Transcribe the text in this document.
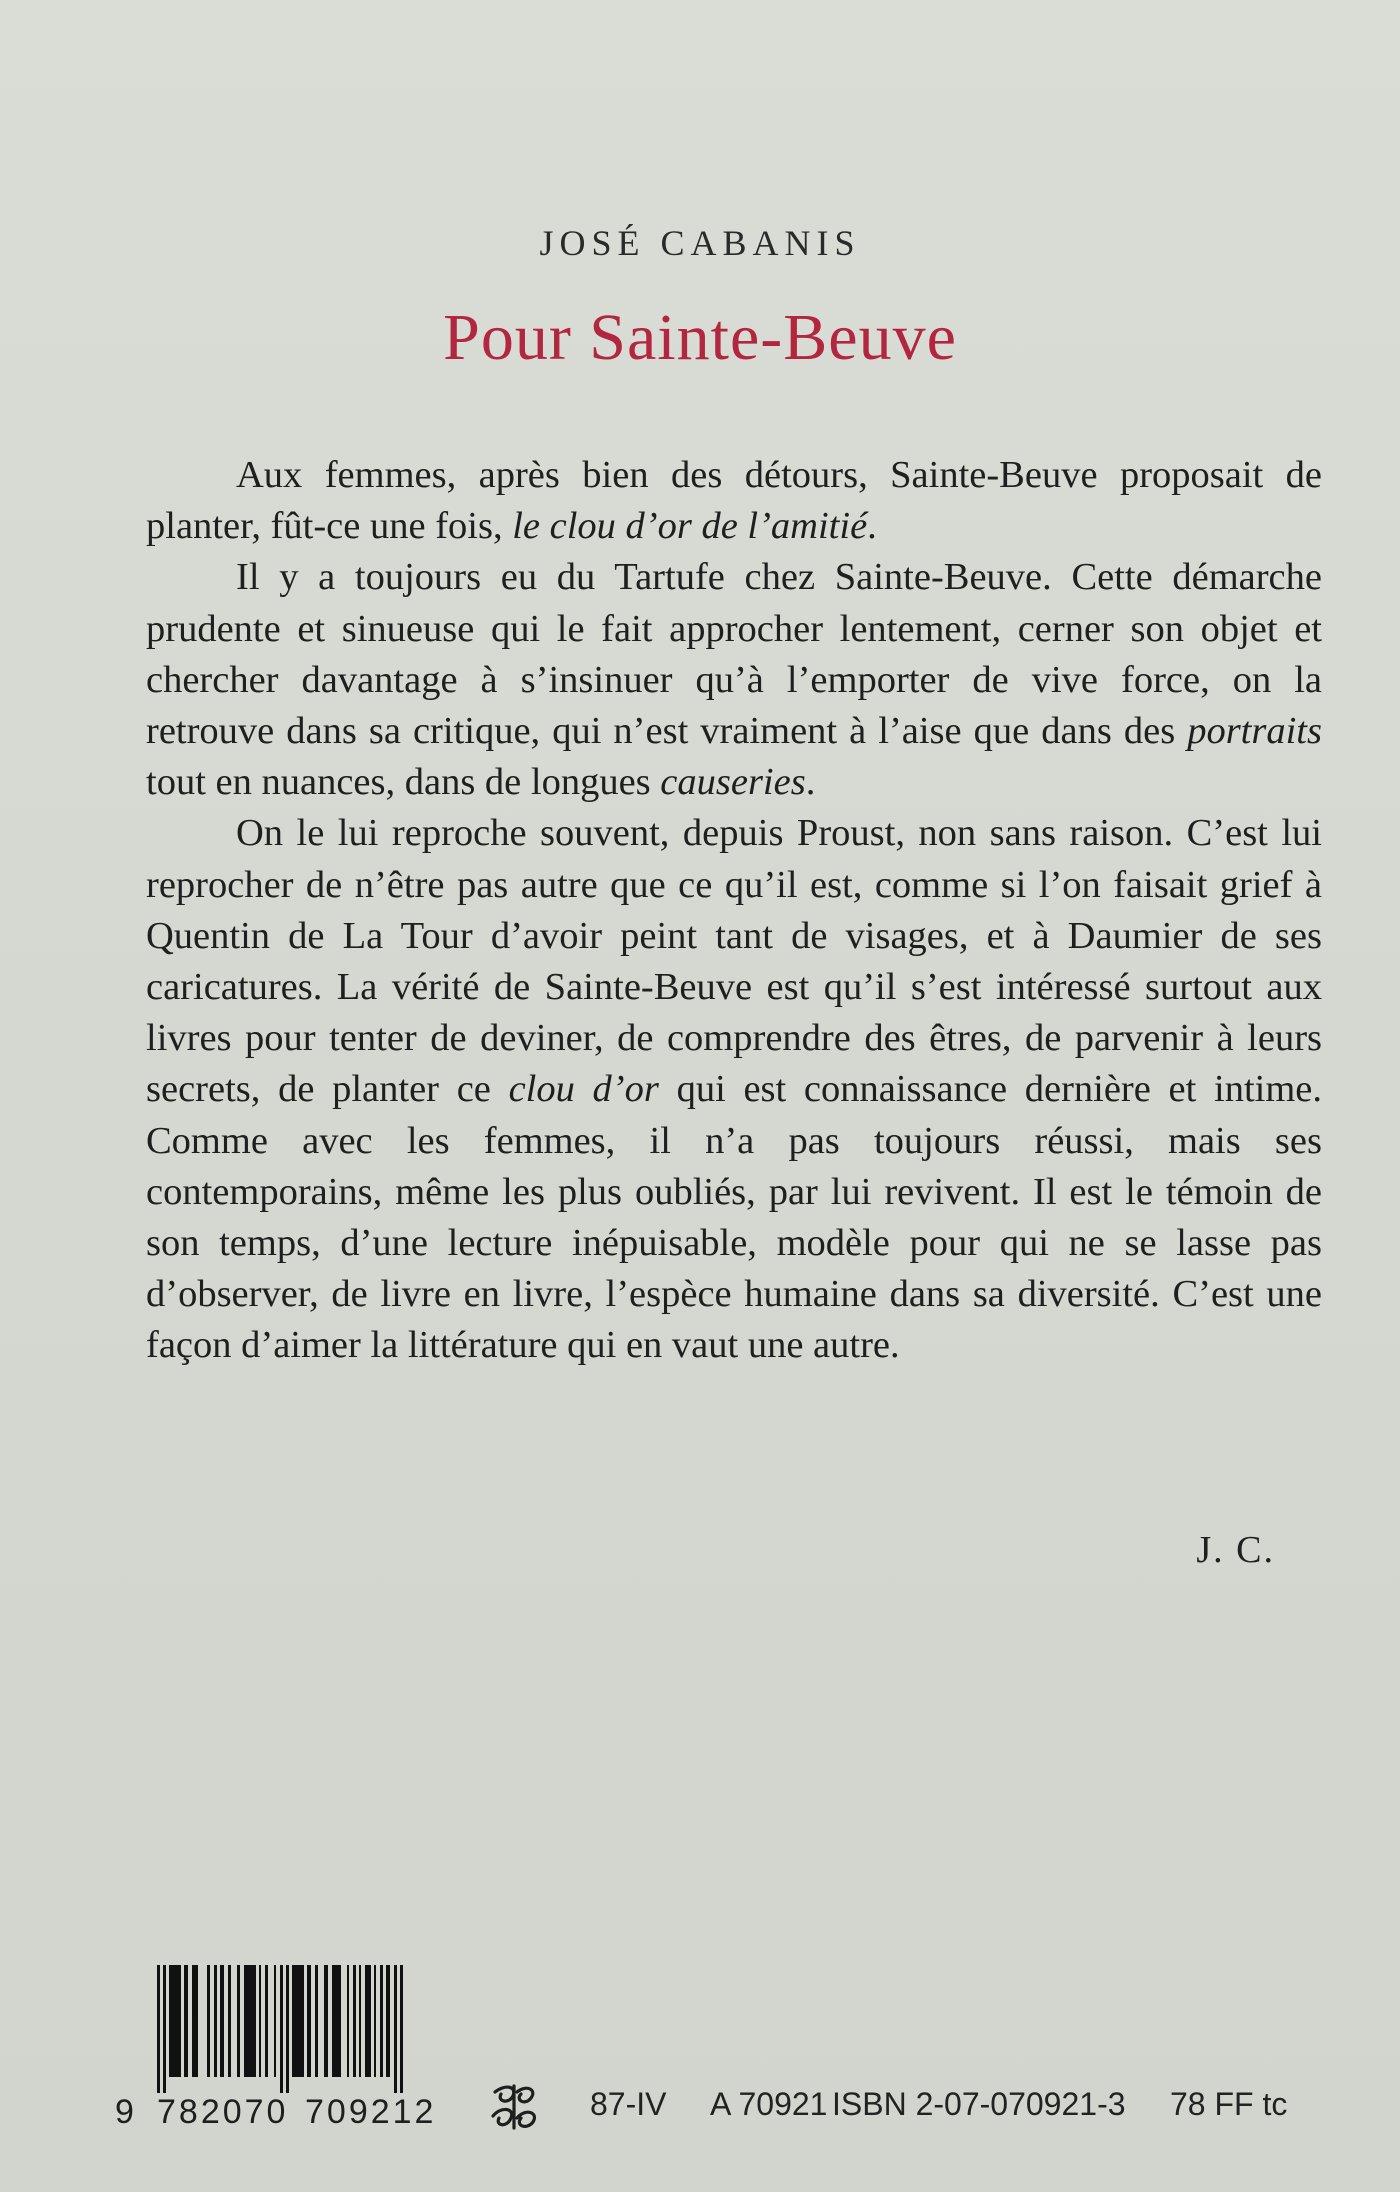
JOSÉ CABANIS
Pour Sainte-Beuve

Aux femmes, après bien des détours, Sainte-Beuve proposait de planter, fût-ce une fois, le clou d’or de l’amitié.

Il y a toujours eu du Tartufe chez Sainte-Beuve. Cette démarche prudente et sinueuse qui le fait approcher lentement, cerner son objet et chercher davantage à s’insinuer qu’à l’emporter de vive force, on la retrouve dans sa critique, qui n’est vraiment à l’aise que dans des portraits tout en nuances, dans de longues causeries.

On le lui reproche souvent, depuis Proust, non sans raison. C’est lui reprocher de n’être pas autre que ce qu’il est, comme si l’on faisait grief à Quentin de La Tour d’avoir peint tant de visages, et à Daumier de ses caricatures. La vérité de Sainte-Beuve est qu’il s’est intéressé surtout aux livres pour tenter de deviner, de comprendre des êtres, de parvenir à leurs secrets, de planter ce clou d’or qui est connaissance dernière et intime. Comme avec les femmes, il n’a pas toujours réussi, mais ses contemporains, même les plus oubliés, par lui revivent. Il est le témoin de son temps, d’une lecture inépuisable, modèle pour qui ne se lasse pas d’observer, de livre en livre, l’espèce humaine dans sa diversité. C’est une façon d’aimer la littérature qui en vaut une autre.

J. C.
9 782070 709212	87-IV A 70921 ISBN 2-07-070921-3 78 FF tc
